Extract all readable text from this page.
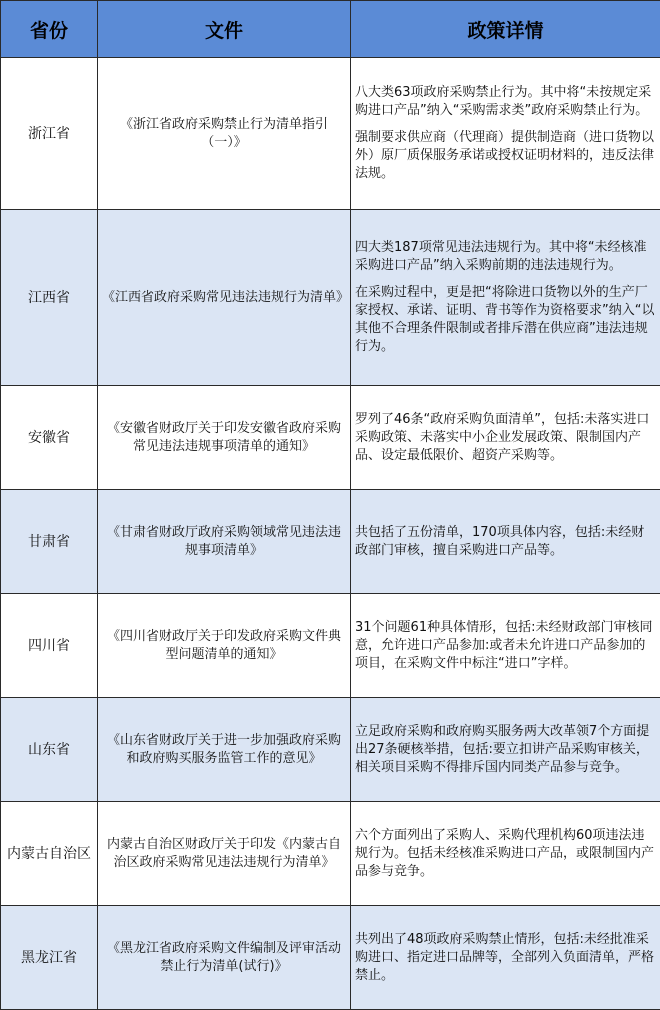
省份	文件	政策详情
浙江省	《浙江省政府采购禁止行为清单指引（一）》	八大类63项政府采购禁止行为。其中将“未按规定采购进口产品”纳入“采购需求类”政府采购禁止行为。
强制要求供应商（代理商）提供制造商（进口货物以外）原厂质保服务承诺或授权证明材料的，违反法律法规。

江西省	《江西省政府采购常见违法违规行为清单》	四大类187项常见违法违规行为。其中将“未经核准采购进口产品”纳入采购前期的违法违规行为。
在采购过程中，更是把“将除进口货物以外的生产厂家授权、承诺、证明、背书等作为资格要求”纳入“以其他不合理条件限制或者排斥潜在供应商”违法违规行为。

安徽省	《安徽省财政厅关于印发安徽省政府采购常见违法违规事项清单的通知》	罗列了46条“政府采购负面清单”，包括:未落实进口采购政策、未落实中小企业发展政策、限制国内产品、设定最低限价、超资产采购等。

甘肃省	《甘肃省财政厅政府采购领域常见违法违规事项清单》	共包括了五份清单，170项具体内容，包括:未经财政部门审核，擅自采购进口产品等。

四川省	《四川省财政厅关于印发政府采购文件典型问题清单的通知》	31个问题61种具体情形，包括:未经财政部门审核同意，允许进口产品参加:或者未允许进口产品参加的项目，在采购文件中标注“进口”字样。

山东省	《山东省财政厅关于进一步加强政府采购和政府购买服务监管工作的意见》	立足政府采购和政府购买服务两大改革领7个方面提出27条硬核举措，包括:要立扣讲产品采购审核关，相关项目采购不得排斥国内同类产品参与竞争。

内蒙古自治区	内蒙古自治区财政厅关于印发《内蒙古自治区政府采购常见违法违规行为清单》	六个方面列出了采购人、采购代理机构60项违法违规行为。包括未经核准采购进口产品，或限制国内产品参与竞争。

黑龙江省	《黑龙江省政府采购文件编制及评审活动禁止行为清单(试行)》	共列出了48项政府采购禁止情形，包括:未经批准采购进口、指定进口品牌等，全部列入负面清单，严格禁止。
